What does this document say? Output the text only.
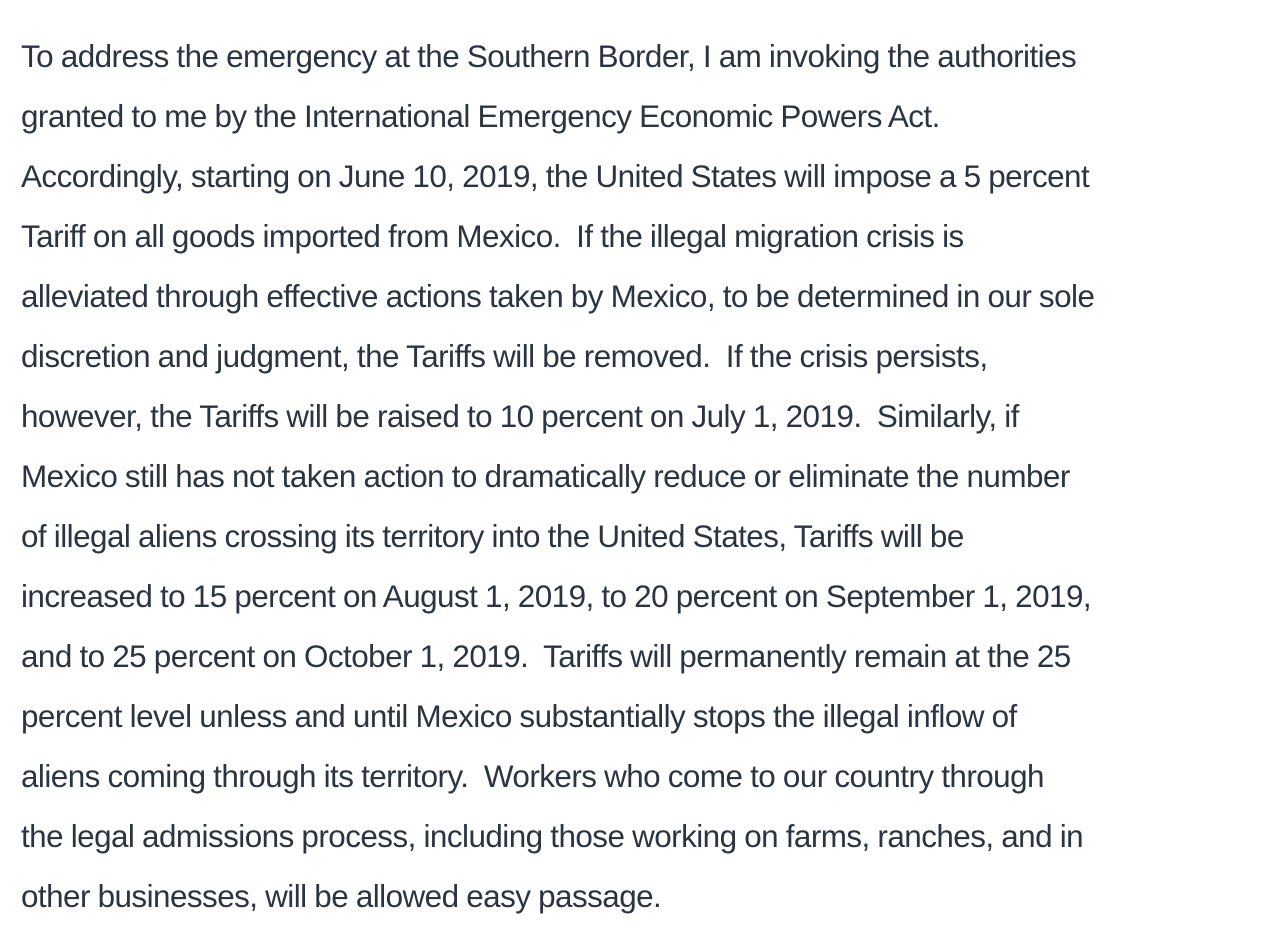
To address the emergency at the Southern Border, I am invoking the authorities
granted to me by the International Emergency Economic Powers Act.
Accordingly, starting on June 10, 2019, the United States will impose a 5 percent
Tariff on all goods imported from Mexico.  If the illegal migration crisis is
alleviated through effective actions taken by Mexico, to be determined in our sole
discretion and judgment, the Tariffs will be removed.  If the crisis persists,
however, the Tariffs will be raised to 10 percent on July 1, 2019.  Similarly, if
Mexico still has not taken action to dramatically reduce or eliminate the number
of illegal aliens crossing its territory into the United States, Tariffs will be
increased to 15 percent on August 1, 2019, to 20 percent on September 1, 2019,
and to 25 percent on October 1, 2019.  Tariffs will permanently remain at the 25
percent level unless and until Mexico substantially stops the illegal inflow of
aliens coming through its territory.  Workers who come to our country through
the legal admissions process, including those working on farms, ranches, and in
other businesses, will be allowed easy passage.
